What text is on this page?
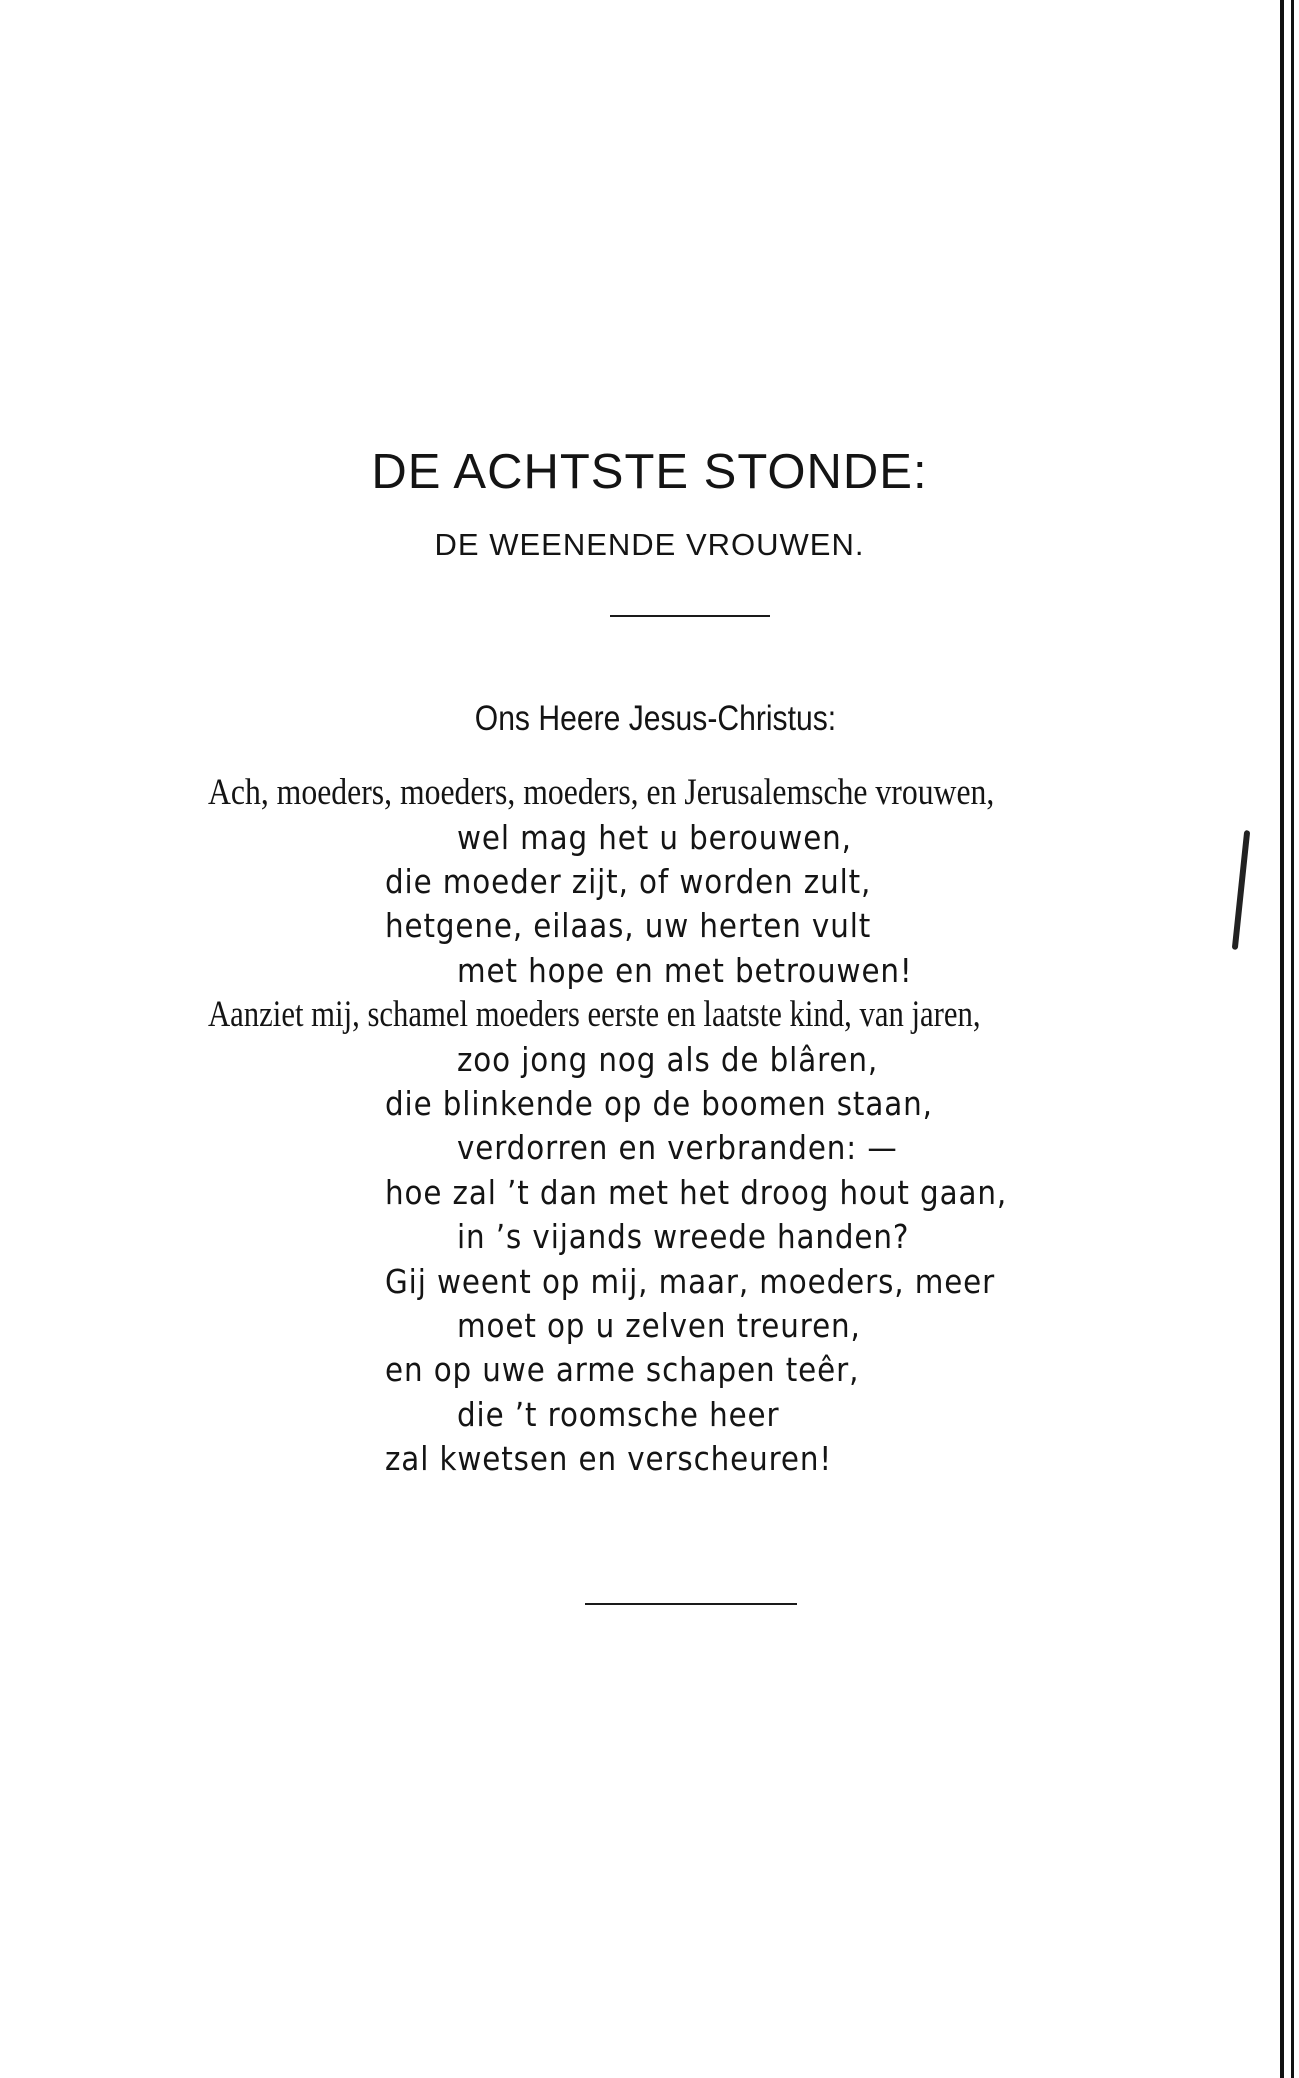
DE ACHTSTE STONDE:
DE WEENENDE VROUWEN.
Ons Heere Jesus-Christus:
Ach, moeders, moeders, moeders, en Jerusalemsche vrouwen,
wel mag het u berouwen,
die moeder zijt, of worden zult,
hetgene, eilaas, uw herten vult
met hope en met betrouwen!
Aanziet mij, schamel moeders eerste en laatste kind, van jaren,
zoo jong nog als de blâren,
die blinkende op de boomen staan,
verdorren en verbranden: —
hoe zal ’t dan met het droog hout gaan,
in ’s vijands wreede handen?
Gij weent op mij, maar, moeders, meer
moet op u zelven treuren,
en op uwe arme schapen teêr,
die ’t roomsche heer
zal kwetsen en verscheuren!
